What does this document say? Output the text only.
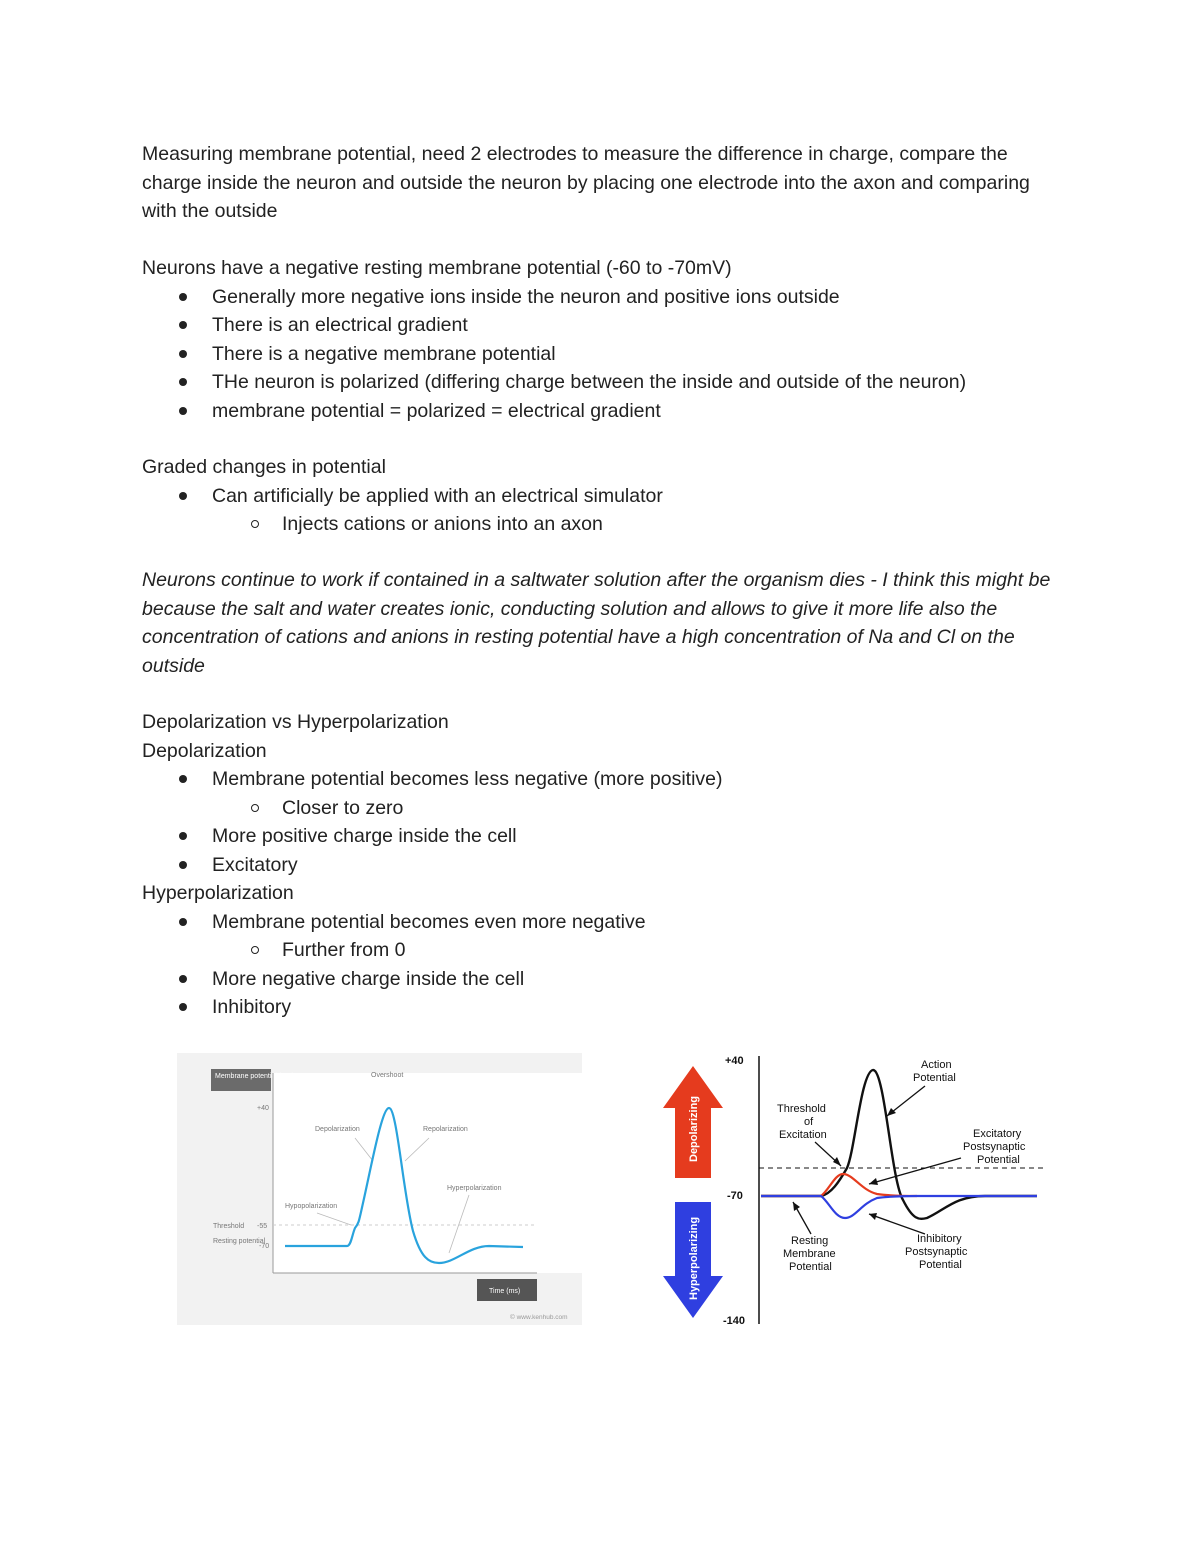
Measuring membrane potential, need 2 electrodes to measure the difference in charge, compare the charge inside the neuron and outside the neuron by placing one electrode into the axon and comparing with the outside
Neurons have a negative resting membrane potential (-60 to -70mV)
Generally more negative ions inside the neuron and positive ions outside
There is an electrical gradient
There is a negative membrane potential
THe neuron is polarized (differing charge between the inside and outside of the neuron)
membrane potential = polarized = electrical gradient
Graded changes in potential
Can artificially be applied with an electrical simulator
Injects cations or anions into an axon
Neurons continue to work if contained in a saltwater solution after the organism dies - I think this might be because the salt and water creates ionic, conducting solution and allows to give it more life also the concentration of cations and anions in resting potential have a high concentration of Na and Cl on the outside
Depolarization vs Hyperpolarization
Depolarization
Membrane potential becomes less negative (more positive)
Closer to zero
More positive charge inside the cell
Excitatory
Hyperpolarization
Membrane potential becomes even more negative
Further from 0
More negative charge inside the cell
Inhibitory
Membrane potential (mV)
+40
Threshold -55
Resting potential
-70
Overshoot
Depolarization	Repolarization
Hypopolarization
Hyperpolarization
Time (ms)
© www.kenhub.com
+40
-70
-140
Depolarizing
Hyperpolarizing
Threshold
of
Excitation
Action
Potential
Excitatory
Postsynaptic
Potential
Resting
Membrane
Potential
Inhibitory
Postsynaptic
Potential
